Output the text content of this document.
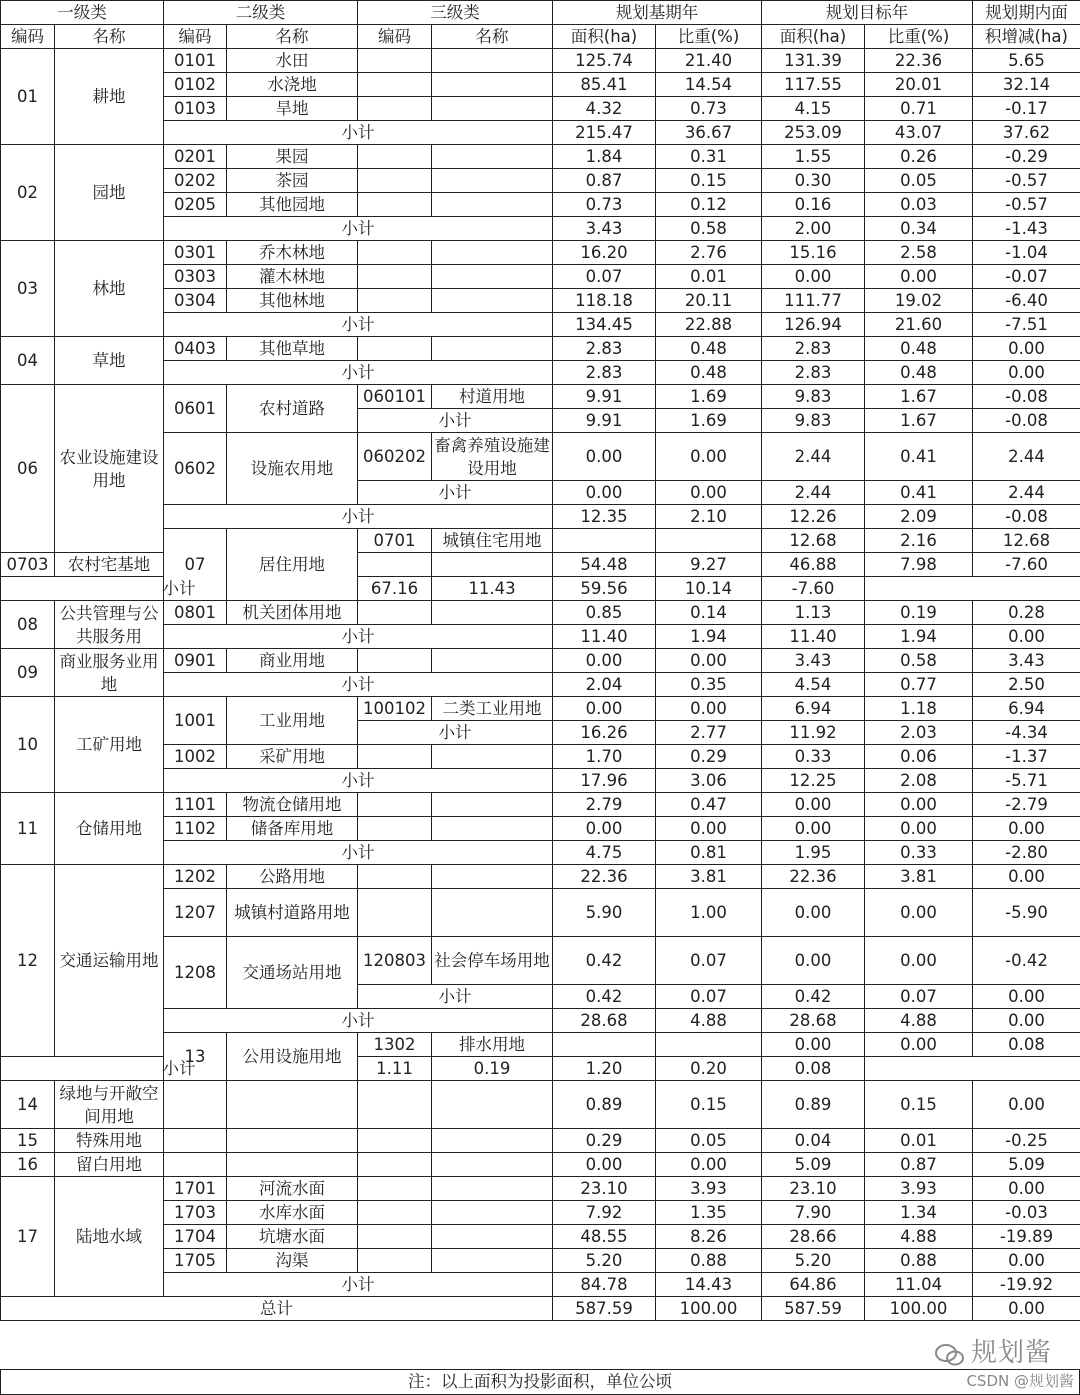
一级类		二级类		三级类		规划基期年		规划目标年		规划期内面	
编码	名称	编码	名称	编码	名称	面积(ha)	比重(%)	面积(ha)	比重(%)	积增减(ha)	
01	耕地	0101	水田			125.74	21.40	131.39	22.36	5.65	
		0102	水浇地			85.41	14.54	117.55	20.01	32.14	
		0103	旱地			4.32	0.73	4.15	0.71	-0.17	
		小计				215.47	36.67	253.09	43.07	37.62	
02	园地	0201	果园			1.84	0.31	1.55	0.26	-0.29	
		0202	茶园			0.87	0.15	0.30	0.05	-0.57	
		0205	其他园地			0.73	0.12	0.16	0.03	-0.57	
		小计				3.43	0.58	2.00	0.34	-1.43	
03	林地	0301	乔木林地			16.20	2.76	15.16	2.58	-1.04	
		0303	灌木林地			0.07	0.01	0.00	0.00	-0.07	
		0304	其他林地			118.18	20.11	111.77	19.02	-6.40	
		小计				134.45	22.88	126.94	21.60	-7.51	
04	草地	0403	其他草地			2.83	0.48	2.83	0.48	0.00	
		小计				2.83	0.48	2.83	0.48	0.00	
06	农业设施建设用地	0601	农村道路	060101	村道用地	9.91	1.69	9.83	1.67	-0.08	
				小计		9.91	1.69	9.83	1.67	-0.08	
		0602	设施农用地	060202	畜禽养殖设施建设用地	0.00	0.00	2.44	0.41	2.44	
				小计		0.00	0.00	2.44	0.41	2.44	
		小计				12.35	2.10	12.26	2.09	-0.08	
		07	居住用地	0701	城镇住宅用地			12.68	2.16	12.68		
0703	农村宅基地					54.48	9.27	46.88	7.98	-7.60	
小计				67.16	11.43	59.56	10.14	-7.60			
08	公共管理与公共服务用	0801	机关团体用地			0.85	0.14	1.13	0.19	0.28	
		小计				11.40	1.94	11.40	1.94	0.00	
09	商业服务业用地	0901	商业用地			0.00	0.00	3.43	0.58	3.43	
		小计				2.04	0.35	4.54	0.77	2.50	
10	工矿用地	1001	工业用地	100102	二类工业用地	0.00	0.00	6.94	1.18	6.94	
				小计		16.26	2.77	11.92	2.03	-4.34	
		1002	采矿用地			1.70	0.29	0.33	0.06	-1.37	
		小计				17.96	3.06	12.25	2.08	-5.71	
11	仓储用地	1101	物流仓储用地			2.79	0.47	0.00	0.00	-2.79	
		1102	储备库用地			0.00	0.00	0.00	0.00	0.00	
		小计				4.75	0.81	1.95	0.33	-2.80	
12	交通运输用地	1202	公路用地			22.36	3.81	22.36	3.81	0.00	
		1207	城镇村道路用地			5.90	1.00	0.00	0.00	-5.90	
		1208	交通场站用地	120803	社会停车场用地	0.42	0.07	0.00	0.00	-0.42	
				小计		0.42	0.07	0.42	0.07	0.00	
		小计				28.68	4.88	28.68	4.88	0.00	
		13	公用设施用地	1302	排水用地			0.00	0.00	0.08		
小计				1.11	0.19	1.20	0.20	0.08			
14	绿地与开敞空间用地					0.89	0.15	0.89	0.15	0.00	
15	特殊用地					0.29	0.05	0.04	0.01	-0.25	
16	留白用地					0.00	0.00	5.09	0.87	5.09	
17	陆地水域	1701	河流水面			23.10	3.93	23.10	3.93	0.00	
		1703	水库水面			7.92	1.35	7.90	1.34	-0.03	
		1704	坑塘水面			48.55	8.26	28.66	4.88	-19.89	
		1705	沟渠			5.20	0.88	5.20	0.88	0.00	
		小计				84.78	14.43	64.86	11.04	-19.92	
总计						587.59	100.00	587.59	100.00	0.00	
规划酱
注：以上面积为投影面积，单位公顷	CSDN @规划酱
